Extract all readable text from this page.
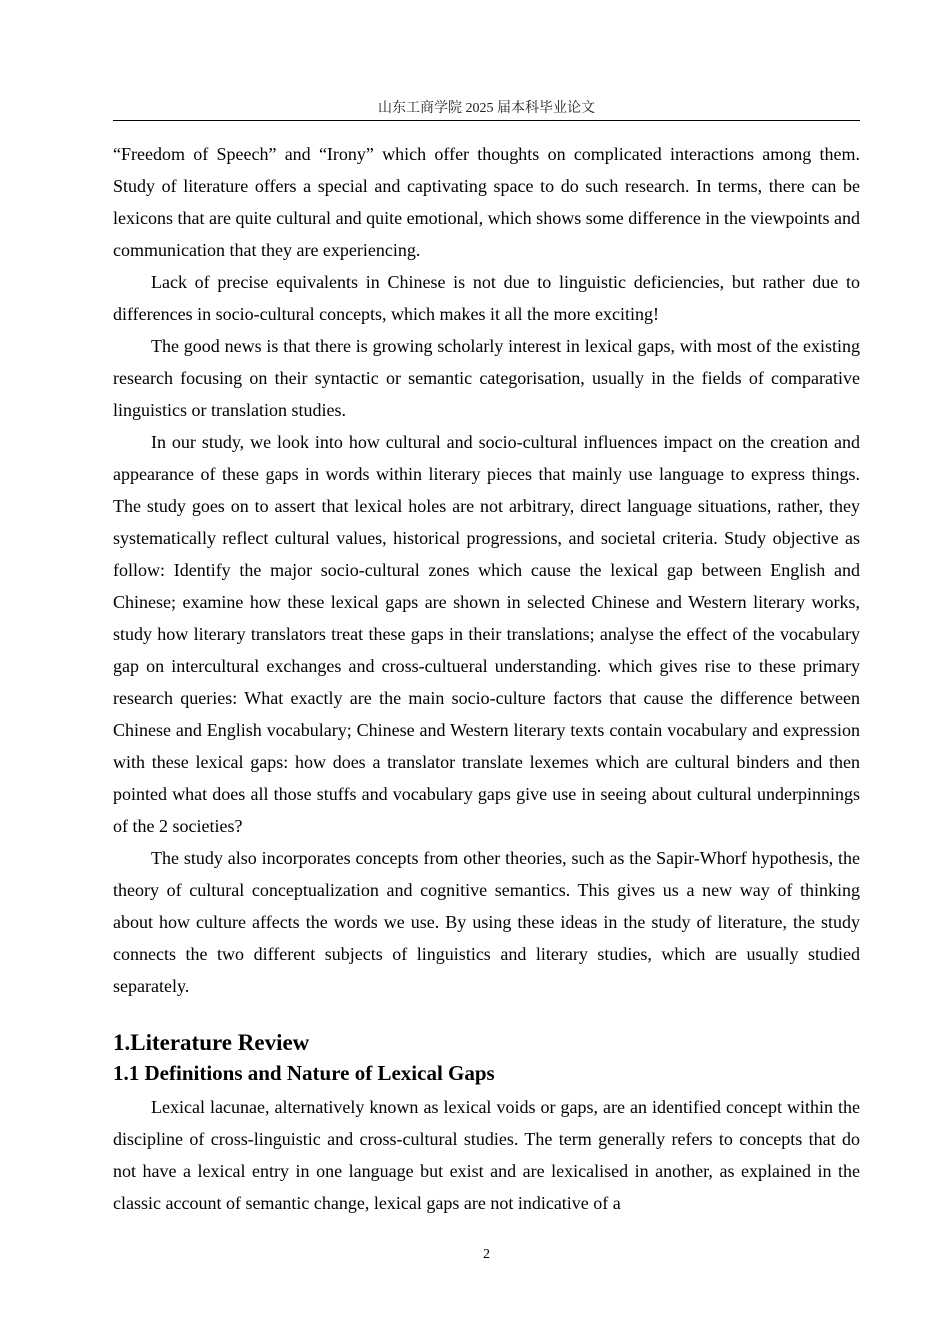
山东工商学院 2025 届本科毕业论文

“Freedom of Speech” and “Irony” which offer thoughts on complicated interactions among them. Study of literature offers a special and captivating space to do such research. In terms, there can be lexicons that are quite cultural and quite emotional, which shows some difference in the viewpoints and communication that they are experiencing.

Lack of precise equivalents in Chinese is not due to linguistic deficiencies, but rather due to differences in socio-cultural concepts, which makes it all the more exciting!

The good news is that there is growing scholarly interest in lexical gaps, with most of the existing research focusing on their syntactic or semantic categorisation, usually in the fields of comparative linguistics or translation studies.

In our study, we look into how cultural and socio-cultural influences impact on the creation and appearance of these gaps in words within literary pieces that mainly use language to express things. The study goes on to assert that lexical holes are not arbitrary, direct language situations, rather, they systematically reflect cultural values, historical progressions, and societal criteria. Study objective as follow: Identify the major socio-cultural zones which cause the lexical gap between English and Chinese; examine how these lexical gaps are shown in selected Chinese and Western literary works, study how literary translators treat these gaps in their translations; analyse the effect of the vocabulary gap on intercultural exchanges and cross-cultueral understanding. which gives rise to these primary research queries: What exactly are the main socio-culture factors that cause the difference between Chinese and English vocabulary; Chinese and Western literary texts contain vocabulary and expression with these lexical gaps: how does a translator translate lexemes which are cultural binders and then pointed what does all those stuffs and vocabulary gaps give use in seeing about cultural underpinnings of the 2 societies?

The study also incorporates concepts from other theories, such as the Sapir-Whorf hypothesis, the theory of cultural conceptualization and cognitive semantics. This gives us a new way of thinking about how culture affects the words we use. By using these ideas in the study of literature, the study connects the two different subjects of linguistics and literary studies, which are usually studied separately.

1.Literature Review
1.1 Definitions and Nature of Lexical Gaps

Lexical lacunae, alternatively known as lexical voids or gaps, are an identified concept within the discipline of cross-linguistic and cross-cultural studies. The term generally refers to concepts that do not have a lexical entry in one language but exist and are lexicalised in another, as explained in the classic account of semantic change, lexical gaps are not indicative of a

2
